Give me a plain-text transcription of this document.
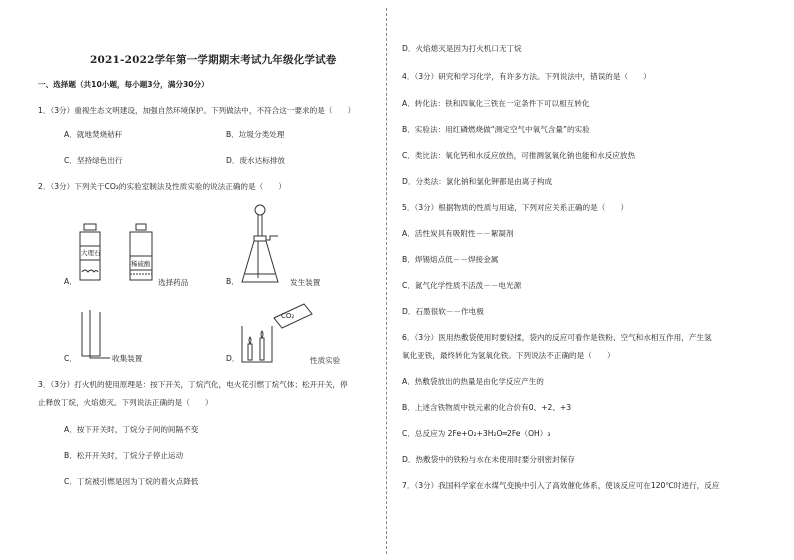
2021-2022学年第一学期期末考试九年级化学试卷
一、选择题（共10小题，每小题3分，满分30分）
1．（3分）重视生态文明建设，加强自然环境保护。下列做法中，不符合这一要求的是（　　）
A．就地焚烧秸秆	B．垃圾分类处理
C．坚持绿色出行	D．废水达标排放
2．（3分）下列关于CO₂的实验室制法及性质实验的说法正确的是（　　）
A．
大理石
稀硫酸
选择药品	B．	发生装置
C．	收集装置	D．
CO₂
性质实验
3．（3分）打火机的使用原理是：按下开关，丁烷汽化，电火花引燃丁烷气体；松开开关，停
止释放丁烷，火焰熄灭。下列说法正确的是（　　）
A．按下开关时，丁烷分子间的间隔不变
B．松开开关时，丁烷分子停止运动
C．丁烷被引燃是因为丁烷的着火点降低
D．火焰熄灭是因为打火机口无丁烷
4．（3分）研究和学习化学，有许多方法。下列说法中，错误的是（　　）
A．转化法：铁和四氧化三铁在一定条件下可以相互转化
B．实验法：用红磷燃烧做“测定空气中氧气含量”的实验
C．类比法：氧化钙和水反应放热，可推测氢氧化钠也能和水反应放热
D．分类法：氯化钠和氯化钾都是由离子构成
5．（3分）根据物质的性质与用途，下列对应关系正确的是（　　）
A．活性炭具有吸附性－－絮凝剂
B．焊锡熔点低－－焊接金属
C．氮气化学性质不活泼－－电光源
D．石墨很软－－作电极
6．（3分）医用热敷袋使用时要轻揉，袋内的反应可看作是铁粉、空气和水相互作用，产生氢
氧化亚铁，最终转化为氢氧化铁。下列说法不正确的是（　　）
A．热敷袋放出的热量是由化学反应产生的
B．上述含铁物质中铁元素的化合价有0、+2、+3
C．总反应为 2Fe+O₂+3H₂O═2Fe（OH）₃
D．热敷袋中的铁粉与水在未使用时要分别密封保存
7．（3分）我国科学家在水煤气变换中引入了高效催化体系，使该反应可在120℃时进行，反应
